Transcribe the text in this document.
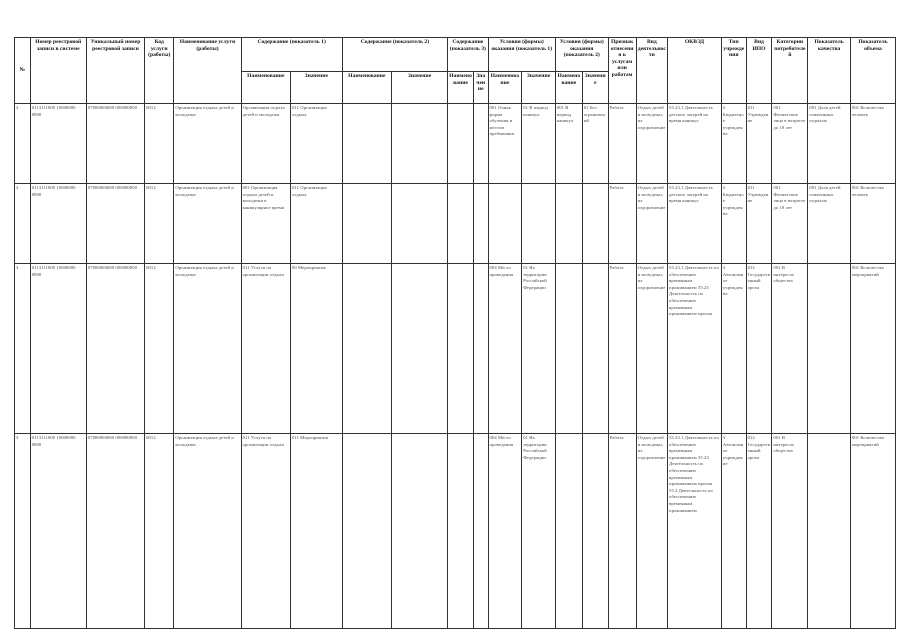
№	Номер реестровой записи в системе	Уникальный номер реестровой записи	Код услуги (работы)	Наименование услуги (работы)	Содержание (показатель 1)		Содержание (показатель 2)		Содержание (показатель 3)		Условия (формы) оказания (показатель 1)		Условия (формы) оказания (показатель 2)		Признак отнесения к услугам или работам	Вид деятельности	ОКВЭД	Тип учреждения	Вид ИПО	Категории потребителей	Показатель качества	Показатель объема
					Наименование	Значение	Наименование	Значение	Наименование	Значение	Наименование	Значение	Наименование	Значение								
2	0113111000 10000000 0000	07000000000 000000000	0012	Организация отдыха детей и молодежи	Организация отдыха детей и молодежи	011 Организация отдыха					001 Очная форма обучения и местом пребывания	01 В период каникул	001 В период каникул	01 Без ограничений	Работа	Отдых детей и молодежи, их оздоровление	55.23.1 Деятельность детских лагерей на время каникул	2 Бюджетное учреждение	011 Учреждение	001 Физические лица в возрасте до 18 лет	001 Доля детей охваченных отдыхом	001 Количество человек
2	0113111000 10000000 0000	07000000000 000000000	0012	Организация отдыха детей и молодежи	001 Организация отдыха детей и молодежи в каникулярное время	011 Организация отдыха									Работа	Отдых детей и молодежи, их оздоровление	55.23.1 Деятельность детских лагерей на время каникул	2 Бюджетное учреждение	011 Учреждение	001 Физические лица в возрасте до 18 лет	001 Доля детей охваченных отдыхом	001 Количество человек
3	0113111000 10000000 0000	07000000000 000000000	0012	Организация отдыха детей и молодежи	011 Услуги по организации отдыха	00 Мероприятия					004 Место проведения	01 На территории Российской Федерации			Работа	Отдых детей и молодежи, их оздоровление	55.23.1 Деятельность по обеспечению временным проживанием 55.23 Деятельность по обеспечению временным проживанием прочая	3 Автономное учреждение	012 Государственный орган	001 В интересах общества		001 Количество мероприятий
3	0113111000 10000000 0000	07000000000 000000000	0012	Организация отдыха детей и молодежи	011 Услуги по организации отдыха	011 Мероприятия					004 Место проведения	01 На территории Российской Федерации			Работа	Отдых детей и молодежи, их оздоровление	55.23.1 Деятельность по обеспечению временным проживанием 55.23 Деятельность по обеспечению временным проживанием прочая 55.2 Деятельность по обеспечению временным проживанием	3 Автономное учреждение	012 Государственный орган	001 В интересах общества		001 Количество мероприятий
